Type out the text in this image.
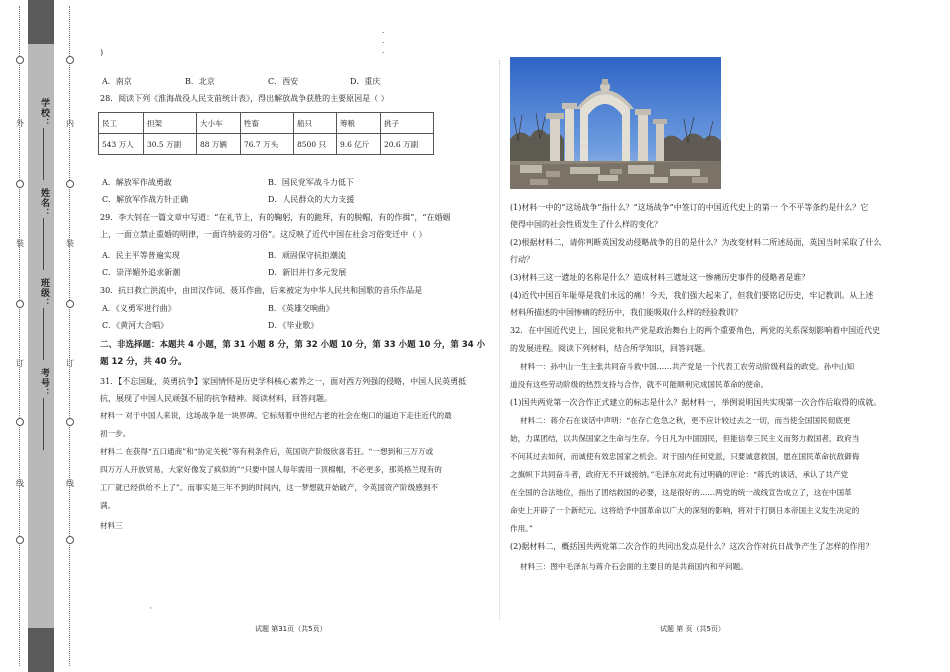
外
装
订
线
内
装
订
线
学校：
姓名：
班级：
考号：
)
A．南京	B．北京	C．西安	D．重庆
28．阅读下列《淮海战役人民支前统计表》，得出解放战争获胜的主要原因是（ ）
民工	担架	大小车	牲畜	船只	筹粮	挑子
543 万人	30.5 万副	88 万辆	76.7 万头	8500 只	9.6 亿斤	20.6 万副
A．解放军作战勇敢	B．国民党军战斗力低下
C．解放军作战方针正确	D．人民群众的大力支援
29．李大钊在一篇文章中写道：“在礼节上，有的鞠躬，有的跪拜，有的脱帽，有的作揖”，“在婚姻
上，一面立禁止重婚的明律，一面许纳妾的习俗”。这反映了近代中国在社会习俗变迁中（ ）
A．民主平等普遍实现	B．顽固保守抗拒潮流
C．崇洋媚外追求新潮	D．新旧并行多元发展
30．抗日救亡洪流中，由田汉作词、聂耳作曲，后来被定为中华人民共和国歌的音乐作品是
A．《义勇军进行曲》	B．《英雄交响曲》
C．《黄河大合唱》	D．《毕业歌》
二、非选择题：本题共 4 小题，第 31 小题 8 分，第 32 小题 10 分，第 33 小题 10 分，第 34 小
题 12 分，共 40 分。
31．【不忘国耻，英勇抗争】家国情怀是历史学科核心素养之一，面对西方列强的侵略，中国人民英勇抵
抗，展现了中国人民顽强不屈的抗争精神。阅读材料，回答问题。
材料一 对于中国人来说，这场战争是一块界碑。它标刻着中世纪古老的社会在炮口的逼迫下走往近代的最
初一步。
材料二 在获得“五口通商”和“协定关税”等有利条件后，英国资产阶级欣喜若狂。“一想到和三万万或
四万万人开放贸易，大家好像发了疯似的”“只要中国人每年需用一顶棉帽，不必更多，那英格兰现有的
工厂就已经供给不上了”。而事实是三年不到的时间内，这一梦想就开始破产，令英国资产阶级感到不
满。
材料三
'
试题 第31页（共5页）
·
·
·
(1)材料一中的“这场战争”指什么？“这场战争”中签订的中国近代史上的第一 个不平等条约是什么？它
使得中国的社会性质发生了什么样的变化？
(2)根据材料二，请你判断英国发动侵略战争的目的是什么？为改变材料二所述局面，英国当时采取了什么
行动？
(3)材料三这一遗址的名称是什么？造成材料三遗址这一惨痛历史事件的侵略者是谁？
(4)近代中国百年耻辱是我们永远的痛！今天，我们强大起来了，但我们要铭记历史，牢记教训。从上述
材料所描述的中国惨痛的经历中，我们能吸取什么样的经验教训？
32．在中国近代史上，国民党和共产党是政治舞台上的两个重要角色，两党的关系深刻影响着中国近代史
的发展进程。阅读下列材料，结合所学知识，回答问题。
材料一：孙中山一生主张共同奋斗救中国……共产党是一个代表工农劳动阶级利益的政党。孙中山知
道没有这些劳动阶级的热烈支持与合作，就不可能顺利完成国民革命的使命。
(1)国共两党第一次合作正式建立的标志是什么？据材料一，举例说明国共实现第一次合作后取得的成就。
材料二：蒋介石在谈话中声明：“在存亡危急之秋，更不应计较过去之一切，而当使全国国民彻底更
始，力谋团结，以共保国家之生命与生存。今日凡为中国国民，但能信奉三民主义而努力救国者，政府当
不问其过去如何，而诚使有效忠国家之机会。对于国内任何党派，只要诚意救国，愿在国民革命抗敌御侮
之旗帜下共同奋斗者，政府无不开诚接纳。”毛泽东对此有过明确的评论：“蒋氏的谈话，承认了共产党
在全国的合法地位，指出了团结救国的必要，这是很好的……两党的统一战线宣告成立了，这在中国革
命史上开辟了一个新纪元。这将给予中国革命以广大的深刻的影响，将对于打倒日本帝国主义发生决定的
作用。”
(2)据材料二，概括国共两党第二次合作的共同出发点是什么？这次合作对抗日战争产生了怎样的作用？
材料三：图中毛泽东与蒋介石会面的主要目的是共商国内和平问题。
试题 第 页（共5页）
